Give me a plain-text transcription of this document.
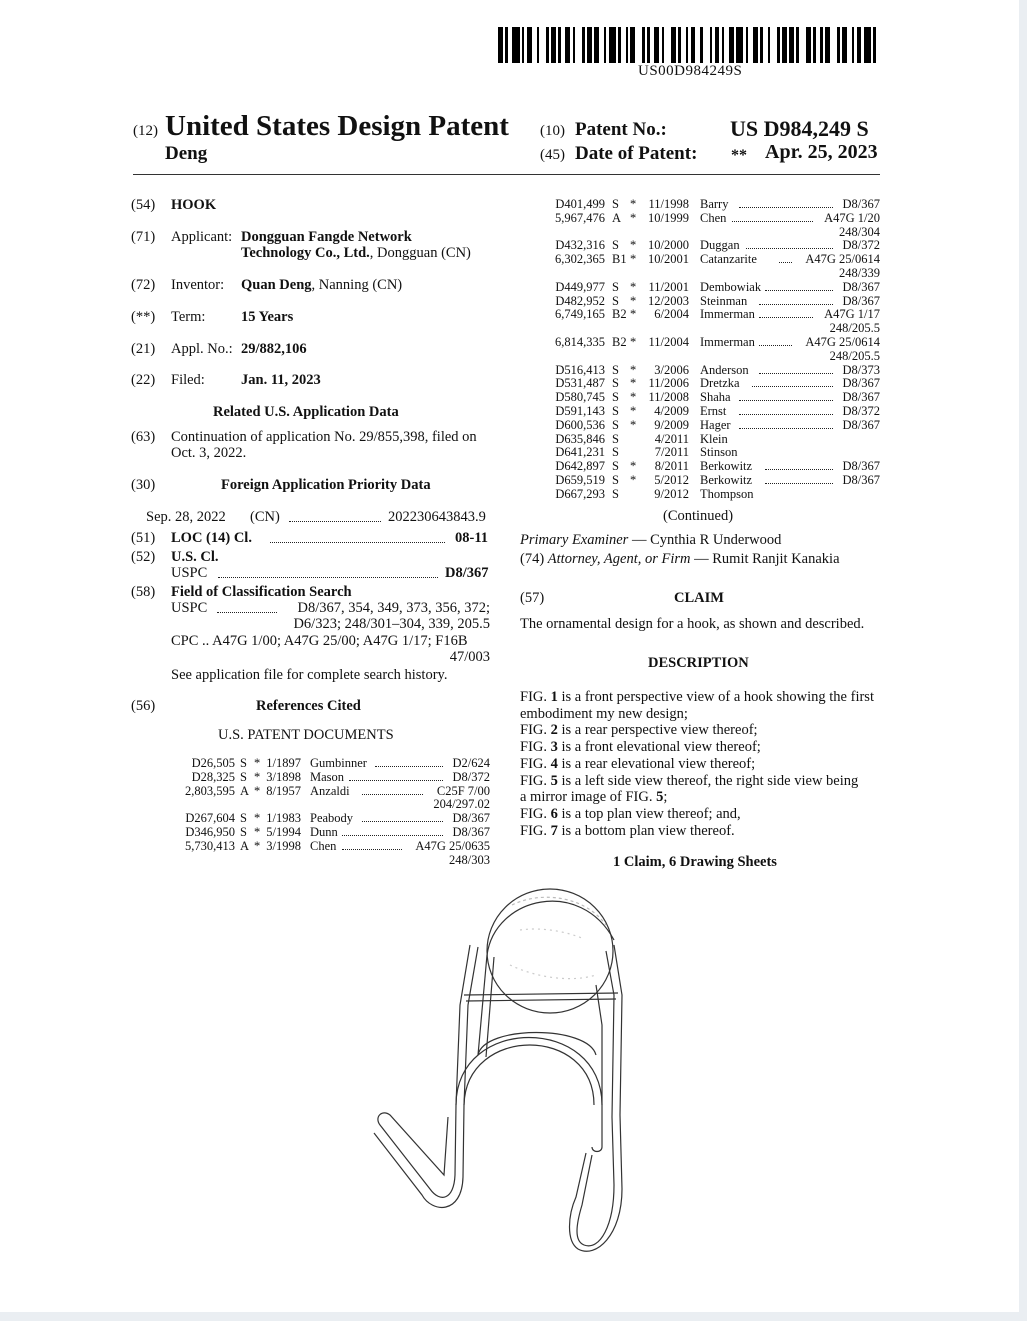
US00D984249S
(12) United States Design Patent
Deng
(10) Patent No.:	US D984,249 S
(45) Date of Patent: ** Apr. 25, 2023
(54) HOOK
(71) Applicant: Dongguan Fangde Network
Technology Co., Ltd., Dongguan (CN)
(72) Inventor: Quan Deng, Nanning (CN)
(**) Term: 15 Years
(21) Appl. No.: 29/882,106
(22) Filed: Jan. 11, 2023
Related U.S. Application Data
(63) Continuation of application No. 29/855,398, filed on
Oct. 3, 2022.
(30)	Foreign Application Priority Data
Sep. 28, 2022 (CN)	202230643843.9
(51) LOC (14) Cl.	08-11
(52) U.S. Cl.
USPC	D8/367
(58) Field of Classification Search
USPC	D8/367, 354, 349, 373, 356, 372;
D6/323; 248/301–304, 339, 205.5
CPC .. A47G 1/00; A47G 25/00; A47G 1/17; F16B
47/003
See application file for complete search history.
(56)	References Cited
U.S. PATENT DOCUMENTS
D26,505 S * 1/1897 Gumbinner	D2/624
D28,325 S * 3/1898 Mason	D8/372
2,803,595 A * 8/1957 Anzaldi	C25F 7/00
204/297.02
D267,604 S * 1/1983 Peabody	D8/367
D346,950 S * 5/1994 Dunn	D8/367
5,730,413 A * 3/1998 Chen	A47G 25/0635
248/303
D401,499 S * 11/1998 Barry	D8/367
5,967,476 A * 10/1999 Chen	A47G 1/20
248/304
D432,316 S * 10/2000 Duggan	D8/372
6,302,365 B1 * 10/2001 Catanzarite	A47G 25/0614
248/339
D449,977 S * 11/2001 Dembowiak	D8/367
D482,952 S * 12/2003 Steinman	D8/367
6,749,165 B2 * 6/2004 Immerman	A47G 1/17
248/205.5
6,814,335 B2 * 11/2004 Immerman	A47G 25/0614
248/205.5
D516,413 S * 3/2006 Anderson	D8/373
D531,487 S * 11/2006 Dretzka	D8/367
D580,745 S * 11/2008 Shaha	D8/367
D591,143 S * 4/2009 Ernst	D8/372
D600,536 S * 9/2009 Hager	D8/367
D635,846 S	4/2011 Klein
D641,231 S	7/2011 Stinson
D642,897 S * 8/2011 Berkowitz	D8/367
D659,519 S * 5/2012 Berkowitz	D8/367
D667,293 S	9/2012 Thompson
(Continued)
Primary Examiner — Cynthia R Underwood
(74) Attorney, Agent, or Firm — Rumit Ranjit Kanakia
(57)	CLAIM
The ornamental design for a hook, as shown and described.
DESCRIPTION
FIG. 1 is a front perspective view of a hook showing the first
embodiment my new design;
FIG. 2 is a rear perspective view thereof;
FIG. 3 is a front elevational view thereof;
FIG. 4 is a rear elevational view thereof;
FIG. 5 is a left side view thereof, the right side view being
a mirror image of FIG. 5;
FIG. 6 is a top plan view thereof; and,
FIG. 7 is a bottom plan view thereof.
1 Claim, 6 Drawing Sheets
